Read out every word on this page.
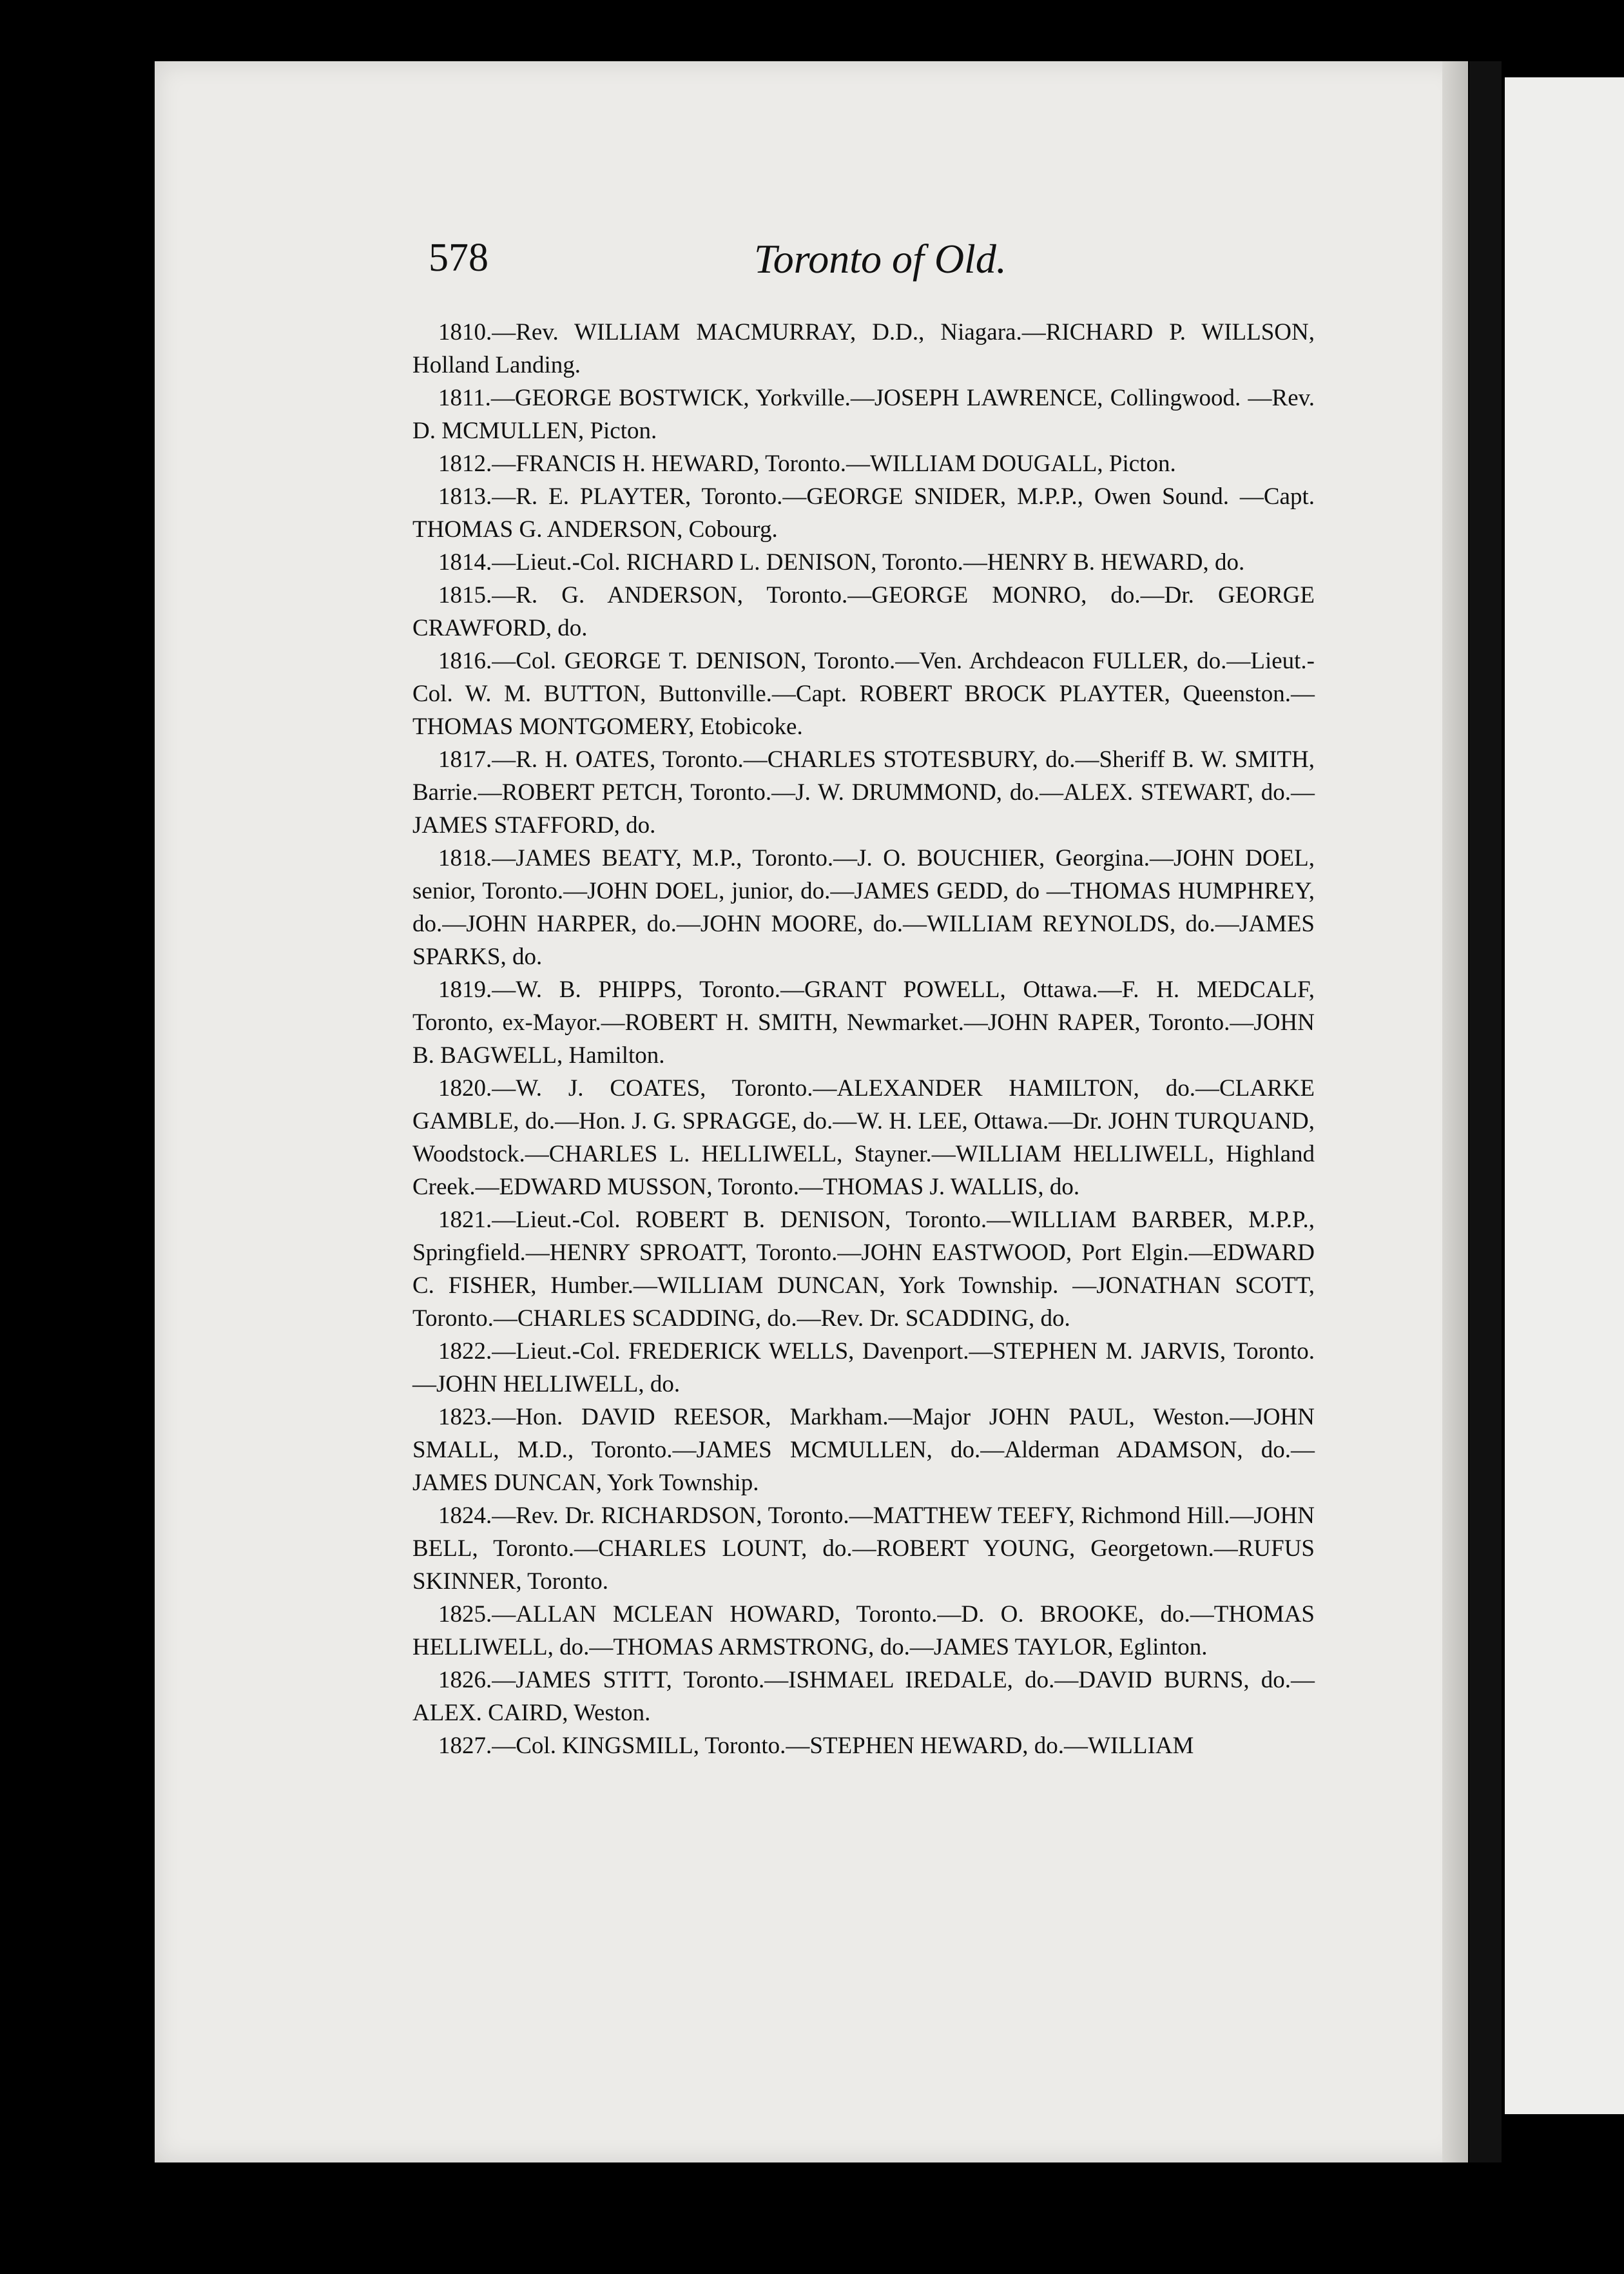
578	Toronto of Old.

1810.—Rev. WILLIAM MACMURRAY, D.D., Niagara.—RICHARD P. WILLSON, Holland Landing.

1811.—GEORGE BOSTWICK, Yorkville.—JOSEPH LAWRENCE, Collingwood. —Rev. D. MCMULLEN, Picton.

1812.—FRANCIS H. HEWARD, Toronto.—WILLIAM DOUGALL, Picton.

1813.—R. E. PLAYTER, Toronto.—GEORGE SNIDER, M.P.P., Owen Sound. —Capt. THOMAS G. ANDERSON, Cobourg.

1814.—Lieut.-Col. RICHARD L. DENISON, Toronto.—HENRY B. HEWARD, do.

1815.—R. G. ANDERSON, Toronto.—GEORGE MONRO, do.—Dr. GEORGE CRAWFORD, do.

1816.—Col. GEORGE T. DENISON, Toronto.—Ven. Archdeacon FULLER, do.—Lieut.-Col. W. M. BUTTON, Buttonville.—Capt. ROBERT BROCK PLAYTER, Queenston.—THOMAS MONTGOMERY, Etobicoke.

1817.—R. H. OATES, Toronto.—CHARLES STOTESBURY, do.—Sheriff B. W. SMITH, Barrie.—ROBERT PETCH, Toronto.—J. W. DRUMMOND, do.—ALEX. STEWART, do.—JAMES STAFFORD, do.

1818.—JAMES BEATY, M.P., Toronto.—J. O. BOUCHIER, Georgina.—JOHN DOEL, senior, Toronto.—JOHN DOEL, junior, do.—JAMES GEDD, do —THOMAS HUMPHREY, do.—JOHN HARPER, do.—JOHN MOORE, do.—WILLIAM REYNOLDS, do.—JAMES SPARKS, do.

1819.—W. B. PHIPPS, Toronto.—GRANT POWELL, Ottawa.—F. H. MEDCALF, Toronto, ex-Mayor.—ROBERT H. SMITH, Newmarket.—JOHN RAPER, Toronto.—JOHN B. BAGWELL, Hamilton.

1820.—W. J. COATES, Toronto.—ALEXANDER HAMILTON, do.—CLARKE GAMBLE, do.—Hon. J. G. SPRAGGE, do.—W. H. LEE, Ottawa.—Dr. JOHN TURQUAND, Woodstock.—CHARLES L. HELLIWELL, Stayner.—WILLIAM HELLIWELL, Highland Creek.—EDWARD MUSSON, Toronto.—THOMAS J. WALLIS, do.

1821.—Lieut.-Col. ROBERT B. DENISON, Toronto.—WILLIAM BARBER, M.P.P., Springfield.—HENRY SPROATT, Toronto.—JOHN EASTWOOD, Port Elgin.—EDWARD C. FISHER, Humber.—WILLIAM DUNCAN, York Township. —JONATHAN SCOTT, Toronto.—CHARLES SCADDING, do.—Rev. Dr. SCADDING, do.

1822.—Lieut.-Col. FREDERICK WELLS, Davenport.—STEPHEN M. JARVIS, Toronto.—JOHN HELLIWELL, do.

1823.—Hon. DAVID REESOR, Markham.—Major JOHN PAUL, Weston.—JOHN SMALL, M.D., Toronto.—JAMES MCMULLEN, do.—Alderman ADAMSON, do.—JAMES DUNCAN, York Township.

1824.—Rev. Dr. RICHARDSON, Toronto.—MATTHEW TEEFY, Richmond Hill.—JOHN BELL, Toronto.—CHARLES LOUNT, do.—ROBERT YOUNG, Georgetown.—RUFUS SKINNER, Toronto.

1825.—ALLAN MCLEAN HOWARD, Toronto.—D. O. BROOKE, do.—THOMAS HELLIWELL, do.—THOMAS ARMSTRONG, do.—JAMES TAYLOR, Eglinton.

1826.—JAMES STITT, Toronto.—ISHMAEL IREDALE, do.—DAVID BURNS, do.—ALEX. CAIRD, Weston.

1827.—Col. KINGSMILL, Toronto.—STEPHEN HEWARD, do.—WILLIAM
